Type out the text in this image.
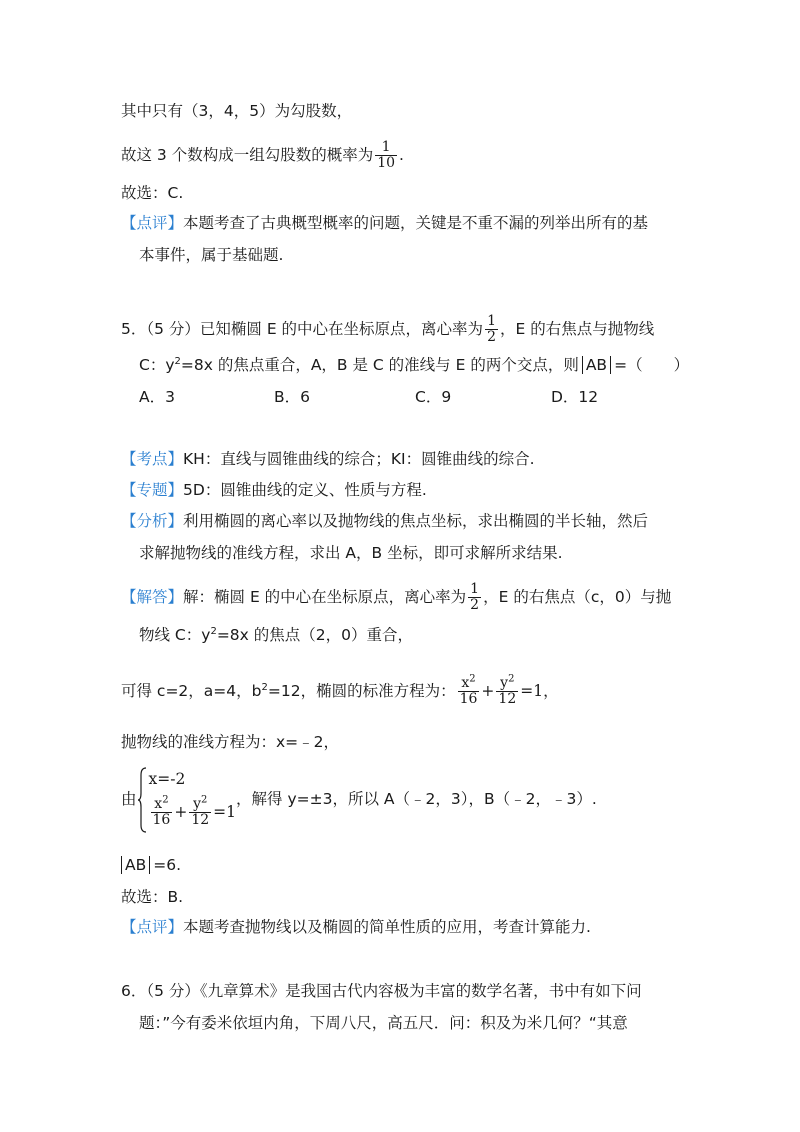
其中只有（3，4，5）为勾股数，
故这 3 个数构成一组勾股数的概率为 $\frac{1}{10}$ .
故选：C.
【点评】本题考查了古典概型概率的问题，关键是不重不漏的列举出所有的基
本事件，属于基础题.
5．（5 分）已知椭圆 E 的中心在坐标原点，离心率为 $\frac{1}{2}$ ，E 的右焦点与抛物线
C：$y^2=8x$ 的焦点重合，A，B 是 C 的准线与 E 的两个交点，则 AB =（　　）
A．3	B．6	C．9	D．12
【考点】KH：直线与圆锥曲线的综合；KI：圆锥曲线的综合.
【专题】5D：圆锥曲线的定义、性质与方程.
【分析】利用椭圆的离心率以及抛物线的焦点坐标，求出椭圆的半长轴，然后
求解抛物线的准线方程，求出 A，B 坐标，即可求解所求结果.
【解答】解：椭圆 E 的中心在坐标原点，离心率为 $\frac{1}{2}$ ，E 的右焦点（c，0）与抛
物线 C：$y^2=8x$ 的焦点（2，0）重合，
可得 c=2，a=4，$b^2=12$，椭圆的标准方程为： $\frac{x^2}{16} + \frac{y^2}{12} =1$，
抛物线的准线方程为：x=﹣2，
由
x=-2
$\frac{x^2}{16} + \frac{y^2}{12} =1$
，解得 y=±3，所以 A（﹣2，3），B（﹣2，﹣3）.
AB =6.
故选：B.
【点评】本题考查抛物线以及椭圆的简单性质的应用，考查计算能力.
6．（5 分）《九章算术》是我国古代内容极为丰富的数学名著，书中有如下问
题：”今有委米依垣内角，下周八尺，高五尺．问：积及为米几何？“其意
